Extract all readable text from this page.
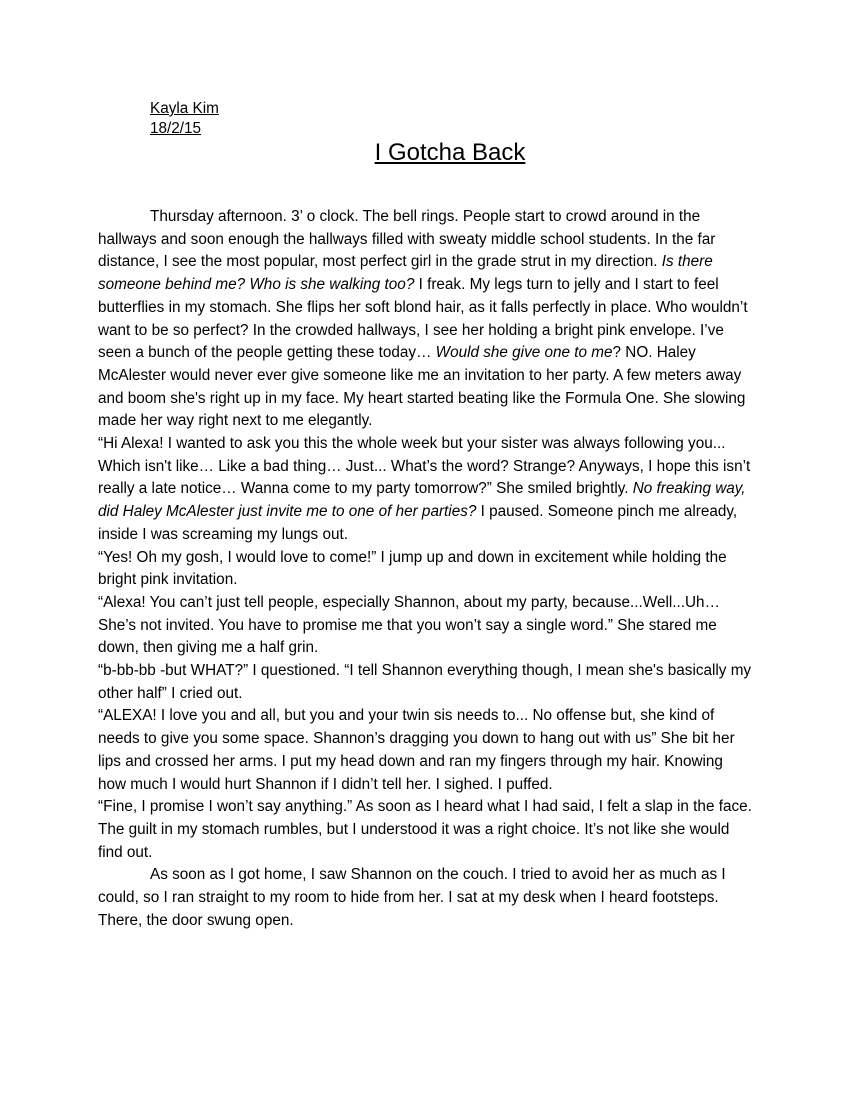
Kayla Kim
18/2/15
I Gotcha Back

Thursday afternoon. 3’ o clock. The bell rings. People start to crowd around in the hallways and soon enough the hallways filled with sweaty middle school students. In the far distance, I see the most popular, most perfect girl in the grade strut in my direction. Is there someone behind me? Who is she walking too? I freak. My legs turn to jelly and I start to feel butterflies in my stomach. She flips her soft blond hair, as it falls perfectly in place. Who wouldn’t want to be so perfect? In the crowded hallways, I see her holding a bright pink envelope. I’ve seen a bunch of the people getting these today… Would she give one to me? NO. Haley McAlester would never ever give someone like me an invitation to her party. A few meters away and boom she's right up in my face. My heart started beating like the Formula One. She slowing made her way right next to me elegantly.

“Hi Alexa! I wanted to ask you this the whole week but your sister was always following you... Which isn't like… Like a bad thing… Just... What’s the word? Strange? Anyways, I hope this isn’t really a late notice… Wanna come to my party tomorrow?” She smiled brightly. No freaking way, did Haley McAlester just invite me to one of her parties? I paused. Someone pinch me already, inside I was screaming my lungs out.

“Yes! Oh my gosh, I would love to come!” I jump up and down in excitement while holding the bright pink invitation.

“Alexa! You can’t just tell people, especially Shannon, about my party, because...Well...Uh…She’s not invited. You have to promise me that you won’t say a single word.” She stared me down, then giving me a half grin.

“b-bb-bb -but WHAT?” I questioned. “I tell Shannon everything though, I mean she's basically my other half” I cried out.

“ALEXA! I love you and all, but you and your twin sis needs to... No offense but, she kind of needs to give you some space. Shannon’s dragging you down to hang out with us” She bit her lips and crossed her arms. I put my head down and ran my fingers through my hair. Knowing how much I would hurt Shannon if I didn’t tell her. I sighed. I puffed.

“Fine, I promise I won’t say anything.” As soon as I heard what I had said, I felt a slap in the face. The guilt in my stomach rumbles, but I understood it was a right choice. It’s not like she would find out.

As soon as I got home, I saw Shannon on the couch. I tried to avoid her as much as I could, so I ran straight to my room to hide from her. I sat at my desk when I heard footsteps. There, the door swung open.
